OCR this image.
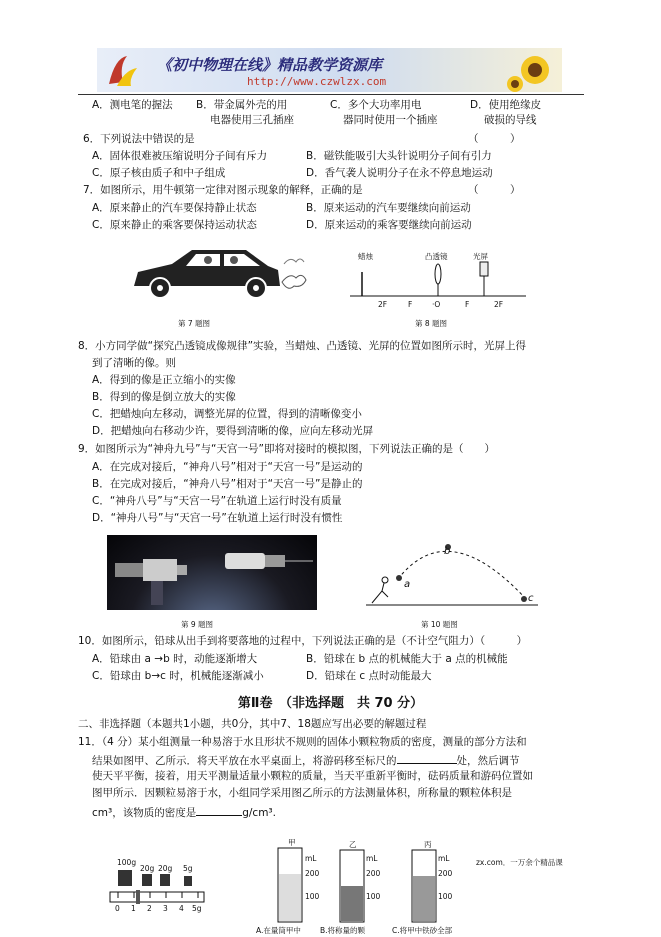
《初中物理在线》精品教学资源库
http://www.czwlzx.com
A．测电笔的握法 B．带金属外壳的用
电器使用三孔插座
C．多个大功率用电
器同时使用一个插座
D．使用绝缘皮
破损的导线
6．下列说法中错误的是	（　　　）
A．固体很难被压缩说明分子间有斥力	B．磁铁能吸引大头针说明分子间有引力
C．原子核由质子和中子组成	D．香气袭人说明分子在永不停息地运动
7．如图所示，用牛顿第一定律对图示现象的解释，正确的是	（　　　）
A．原来静止的汽车要保持静止状态	B．原来运动的汽车要继续向前运动
C．原来静止的乘客要保持运动状态	D．原来运动的乘客要继续向前运动
第 7 题图
蜡烛	凸透镜	光屏
2F	F	·O	F	2F
第 8 题图
8．小方同学做“探究凸透镜成像规律”实验，当蜡烛、凸透镜、光屏的位置如图所示时，光屏上得
到了清晰的像。则
A．得到的像是正立缩小的实像
B．得到的像是倒立放大的实像
C．把蜡烛向左移动，调整光屏的位置，得到的清晰像变小
D．把蜡烛向右移动少许，要得到清晰的像，应向左移动光屏
9．如图所示为“神舟九号”与“天宫一号”即将对接时的模拟图，下列说法正确的是（　　）
A．在完成对接后，“神舟八号”相对于“天宫一号”是运动的
B．在完成对接后，“神舟八号”相对于“天宫一号”是静止的
C．“神舟八号”与“天宫一号”在轨道上运行时没有质量
D．“神舟八号”与“天宫一号”在轨道上运行时没有惯性
第 9 题图
a
b
c
第 10 题图
10．如图所示，铅球从出手到将要落地的过程中，下列说法正确的是（不计空气阻力）（　　　）
A．铅球由 a →b 时，动能逐渐增大	B．铅球在 b 点的机械能大于 a 点的机械能
C．铅球由 b→c 时，机械能逐渐减小	D．铅球在 c 点时动能最大
第Ⅱ卷　（非选择题　共 70 分）
二、非选择题（本题共1小题，共0分，其中7、18题应写出必要的解题过程
11．（4 分）某小组测量一种易溶于水且形状不规则的固体小颗粒物质的密度，测量的部分方法和
结果如图甲、乙所示．将天平放在水平桌面上，将游码移至标尺的	处，然后调节
使天平平衡，接着，用天平测量适量小颗粒的质量，当天平重新平衡时，砝码质量和游码位置如
图甲所示．因颗粒易溶于水，小组同学采用图乙所示的方法测量体积，所称量的颗粒体积是
cm³，该物质的密度是	g/cm³.
100g
20g 20g 5g
0 1 2 3 4 5g
甲	乙	丙
mL
200
100
mL
200
100
mL
200
100
A.在量筒甲中	B.将称量的颗	C.将甲中铁砂全部
zx.com．一万余个精品课
